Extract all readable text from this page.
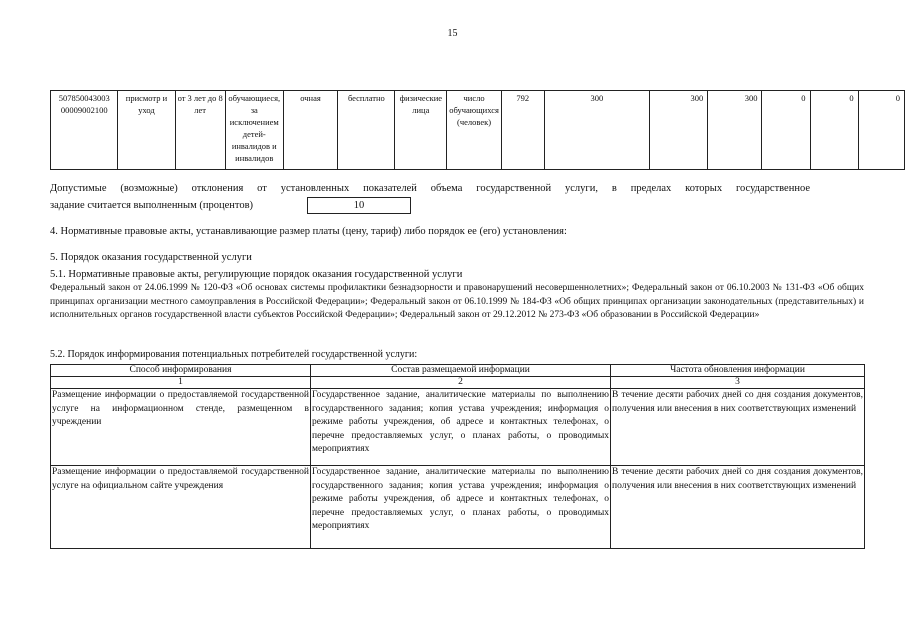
15
507850043003 00009002100	присмотр и уход	от 3 лет до 8 лет	обучающиеся, за исключением детей-инвалидов и инвалидов	очная	бесплатно	физические лица	число обучающихся (человек)	792	300	300	300	0	0	0
Допустимые (возможные) отклонения от установленных показателей объема государственной услуги, в пределах которых государственное
задание считается выполненным (процентов)	10
4. Нормативные правовые акты, устанавливающие размер платы (цену, тариф) либо порядок ее (его) установления:
5. Порядок оказания государственной услуги
5.1. Нормативные правовые акты, регулирующие порядок оказания государственной услуги
Федеральный закон от 24.06.1999 № 120-ФЗ «Об основах системы профилактики безнадзорности и правонарушений несовершеннолетних»; Федеральный закон от 06.10.2003 № 131-ФЗ «Об общих принципах организации местного самоуправления в Российской Федерации»; Федеральный закон от 06.10.1999 № 184-ФЗ «Об общих принципах организации законодательных (представительных) и исполнительных органов государственной власти субъектов Российской Федерации»; Федеральный закон от 29.12.2012 № 273-ФЗ «Об образовании в Российской Федерации»
5.2. Порядок информирования потенциальных потребителей государственной услуги:
Способ информирования	Состав размещаемой информации	Частота обновления информации
1	2	3
Размещение информации о предоставляемой государственной услуге на информационном стенде, размещенном в учреждении	Государственное задание, аналитические материалы по выполнению государственного задания; копия устава учреждения; информация о режиме работы учреждения, об адресе и контактных телефонах, о перечне предоставляемых услуг, о планах работы, о проводимых мероприятиях	В течение десяти рабочих дней со дня создания документов, получения или внесения в них соответствующих изменений
Размещение информации о предоставляемой государственной услуге на официальном сайте учреждения	Государственное задание, аналитические материалы по выполнению государственного задания; копия устава учреждения; информация о режиме работы учреждения, об адресе и контактных телефонах, о перечне предоставляемых услуг, о планах работы, о проводимых мероприятиях	В течение десяти рабочих дней со дня создания документов, получения или внесения в них соответствующих изменений
